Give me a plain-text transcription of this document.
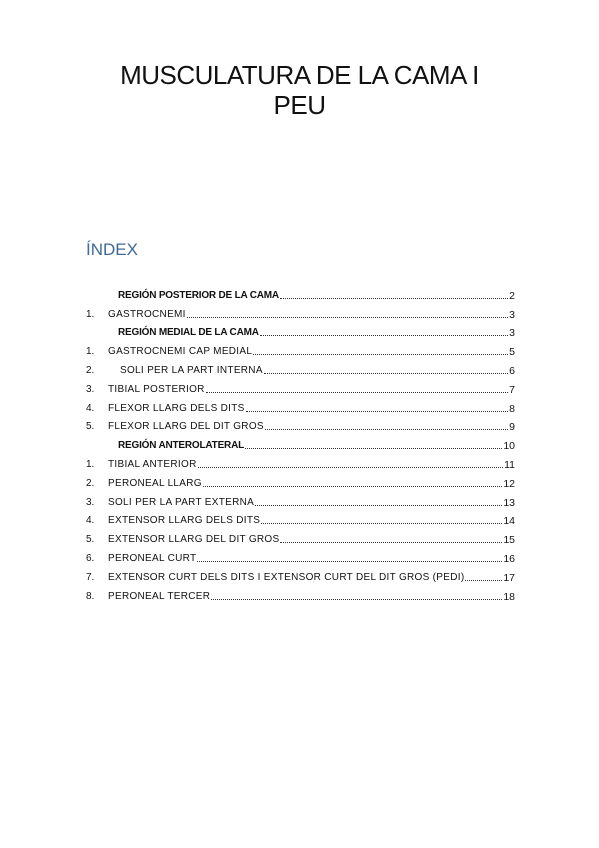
MUSCULATURA DE LA CAMA I
PEU
ÍNDEX
REGIÓN POSTERIOR DE LA CAMA	2
1.	GASTROCNEMI	3
REGIÓN MEDIAL DE LA CAMA	3
1.	GASTROCNEMI CAP MEDIAL	5
2.	SOLI PER LA PART INTERNA	6
3.	TIBIAL POSTERIOR	7
4.	FLEXOR LLARG DELS DITS	8
5.	FLEXOR LLARG DEL DIT GROS	9
REGIÓN ANTEROLATERAL	10
1.	TIBIAL ANTERIOR	11
2.	PERONEAL LLARG	12
3.	SOLI PER LA PART EXTERNA	13
4.	EXTENSOR LLARG DELS DITS	14
5.	EXTENSOR LLARG DEL DIT GROS	15
6.	PERONEAL CURT	16
7.	EXTENSOR CURT DELS DITS I EXTENSOR CURT DEL DIT GROS (PEDI)	17
8.	PERONEAL TERCER	18
